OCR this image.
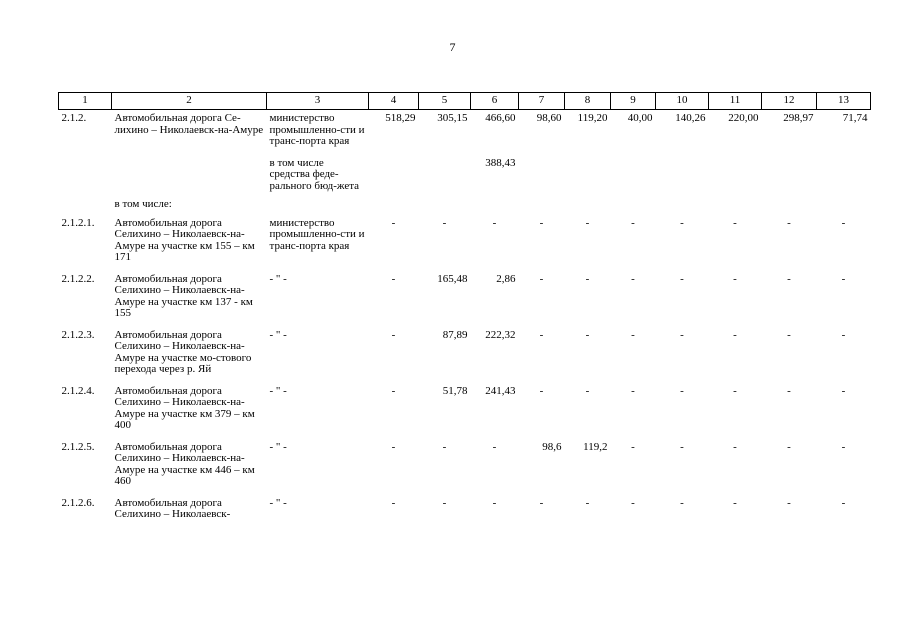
7
1	2	3	4	5	6	7	8	9	10	11	12	13
2.1.2.	Автомобильная дорога Се-лихино – Николаевск-на-Амуре	министерство промышленно-сти и транс-порта края	518,29	305,15	466,60	98,60	119,20	40,00	140,26	220,00	298,97	71,74
		в том числе средства феде-рального бюд-жета			388,43							
	в том числе:											
2.1.2.1.	Автомобильная дорога Селихино – Николаевск-на-Амуре на участке км 155 – км 171	министерство промышленно-сти и транс-порта края	-	-	-	-	-	-	-	-	-	-
2.1.2.2.	Автомобильная дорога Селихино – Николаевск-на-Амуре на участке км 137 - км 155	- " -	-	165,48	2,86	-	-	-	-	-	-	-
2.1.2.3.	Автомобильная дорога Селихино – Николаевск-на-Амуре на участке мо-стового перехода через р. Яй	- " -	-	87,89	222,32	-	-	-	-	-	-	-
2.1.2.4.	Автомобильная дорога Селихино – Николаевск-на-Амуре на участке км 379 – км 400	- " -	-	51,78	241,43	-	-	-	-	-	-	-
2.1.2.5.	Автомобильная дорога Селихино – Николаевск-на-Амуре на участке км 446 – км 460	- " -	-	-	-	98,6	119,2	-	-	-	-	-
2.1.2.6.	Автомобильная дорога Селихино – Николаевск-	- " -	-	-	-	-	-	-	-	-	-	-
